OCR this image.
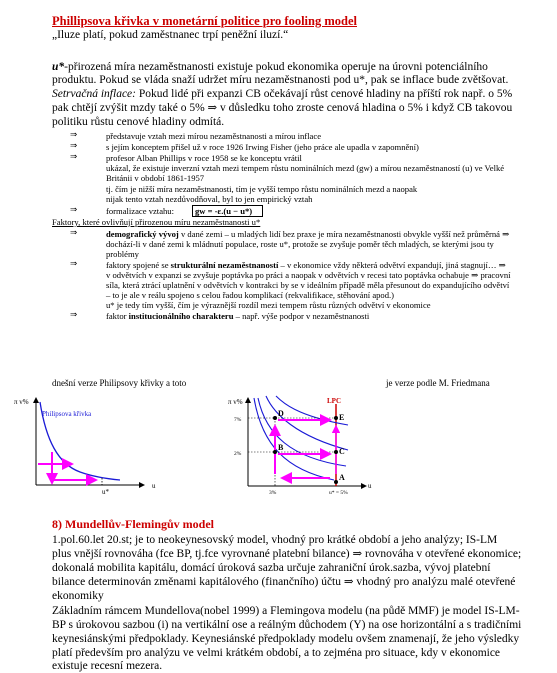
Phillipsova křivka v monetární politice pro fooling model
„Iluze platí, pokud zaměstnanec trpí peněžní iluzí.“
u*-přirozená míra nezaměstnanosti existuje pokud ekonomika operuje na úrovni potenciálního
produktu. Pokud se vláda snaží udržet míru nezaměstnanosti pod u*, pak se inflace bude zvětšovat.
Setrvačná inflace: Pokud lidé při expanzi CB očekávají růst cenové hladiny na příští rok např. o 5%
pak chtějí zvýšit mzdy také o 5% ⇒ v důsledku toho zroste cenová hladina o 5% i když CB takovou
politiku růstu cenové hladiny odmítá.
⇒	představuje vztah mezi mírou nezaměstnanosti a mírou inflace
⇒	s jejím konceptem přišel už v roce 1926 Irwing Fisher (jeho práce ale upadla v zapomnění)
⇒	profesor Alban Phillips v roce 1958 se ke konceptu vrátil
ukázal, že existuje inverzní vztah mezi tempem růstu nominálních mezd (gw) a mírou nezaměstnaností (u) ve Velké
Británii v období 1861-1957
tj. čím je nižší míra nezaměstnanosti, tím je vyšší tempo růstu nominálních mezd a naopak
nijak tento vztah nezdůvodňoval, byl to jen empirický vztah
⇒	formalizace vztahu:	gw = -ε.(u − u*)
Faktory, které ovlivňují přirozenou míru nezaměstnanosti u*
⇒	demografický vývoj v dané zemi – u mladých lidí bez praxe je míra nezaměstnanosti obvykle vyšší než průměrná ⇒
dochází-li v dané zemi k mládnutí populace, roste u*, protože se zvyšuje poměr těch mladých, se kterými jsou ty
problémy
⇒	faktory spojené se strukturální nezaměstnaností – v ekonomice vždy některá odvětví expandují, jiná stagnují… ⇒
v odvětvích v expanzi se zvyšuje poptávka po práci a naopak v odvětvích v recesi tato poptávka ochabuje ⇒ pracovní
síla, která ztrácí uplatnění v odvětvích v kontrakci by se v ideálním případě měla přesunout do expandujícího odvětví
– to je ale v reálu spojeno s celou řadou komplikací (rekvalifikace, stěhování apod.)
u* je tedy tím vyšší, čím je výraznější rozdíl mezi tempem růstu různých odvětví v ekonomice
⇒	faktor institucionálního charakteru – např. výše podpor v nezaměstnanosti
dnešní verze Philipsovy křivky a toto	je verze podle M. Friedmana
π v%
Philipsova křivka
u*
u
π v%	LPC
D	E
B	C
A
7%
2%
3%	u* = 5%
u
8) Mundellův-Flemingův model
1.pol.60.let 20.st; je to neokeynesovský model, vhodný pro krátké období a jeho analýzy; IS-LM
plus vnější rovnováha (fce BP, tj.fce vyrovnané platební bilance) ⇒ rovnováha v otevřené ekonomice;
dokonalá mobilita kapitálu, domácí úroková sazba určuje zahraniční úrok.sazba, vývoj platební
bilance determinován změnami kapitálového (finančního) účtu ⇒ vhodný pro analýzu malé otevřené
ekonomiky
Základním rámcem Mundellova(nobel 1999) a Flemingova modelu (na půdě MMF) je model IS-LM-
BP s úrokovou sazbou (i) na vertikální ose a reálným důchodem (Y) na ose horizontální a s tradičními
keynesiánskými předpoklady. Keynesiánské předpoklady modelu ovšem znamenají, že jeho výsledky
platí především pro analýzu ve velmi krátkém období, a to zejména pro situace, kdy v ekonomice
existuje recesní mezera.
